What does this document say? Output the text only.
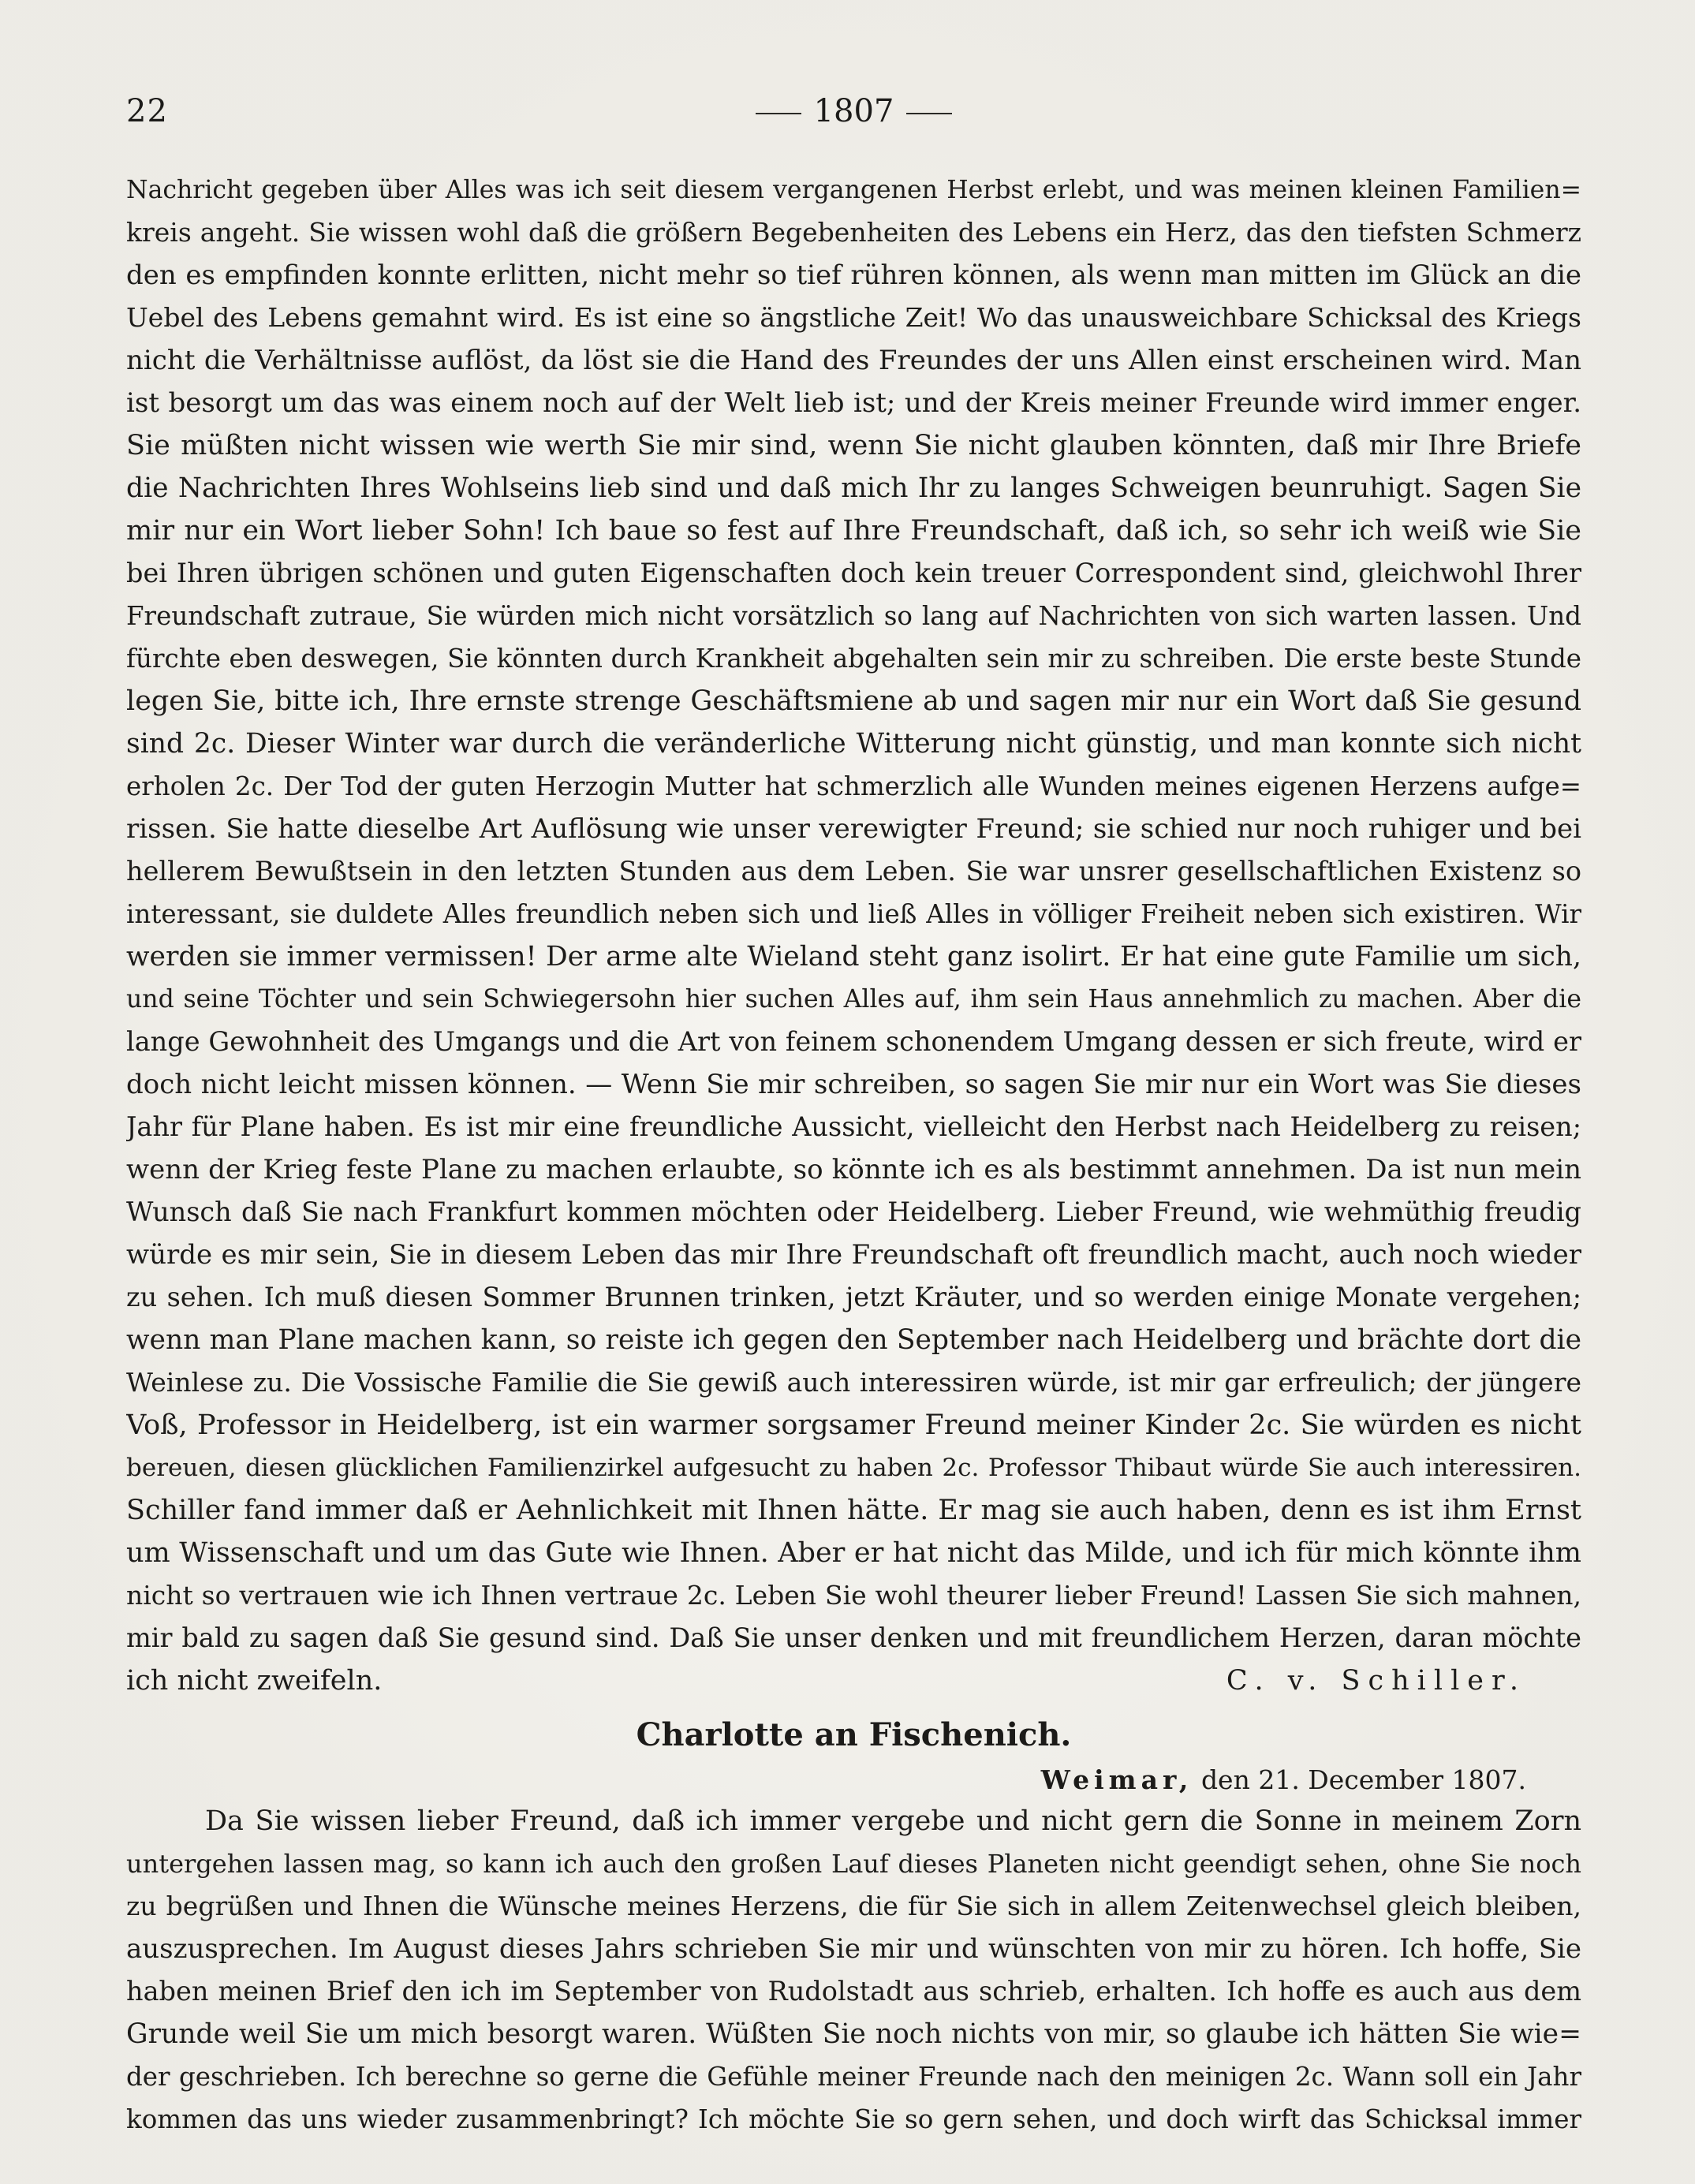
22	1807
Nachricht gegeben über Alles was ich seit diesem vergangenen Herbst erlebt, und was meinen kleinen Familien=
kreis angeht. Sie wissen wohl daß die größern Begebenheiten des Lebens ein Herz, das den tiefsten Schmerz
den es empfinden konnte erlitten, nicht mehr so tief rühren können, als wenn man mitten im Glück an die
Uebel des Lebens gemahnt wird. Es ist eine so ängstliche Zeit! Wo das unausweichbare Schicksal des Kriegs
nicht die Verhältnisse auflöst, da löst sie die Hand des Freundes der uns Allen einst erscheinen wird. Man
ist besorgt um das was einem noch auf der Welt lieb ist; und der Kreis meiner Freunde wird immer enger.
Sie müßten nicht wissen wie werth Sie mir sind, wenn Sie nicht glauben könnten, daß mir Ihre Briefe
die Nachrichten Ihres Wohlseins lieb sind und daß mich Ihr zu langes Schweigen beunruhigt. Sagen Sie
mir nur ein Wort lieber Sohn! Ich baue so fest auf Ihre Freundschaft, daß ich, so sehr ich weiß wie Sie
bei Ihren übrigen schönen und guten Eigenschaften doch kein treuer Correspondent sind, gleichwohl Ihrer
Freundschaft zutraue, Sie würden mich nicht vorsätzlich so lang auf Nachrichten von sich warten lassen. Und
fürchte eben deswegen, Sie könnten durch Krankheit abgehalten sein mir zu schreiben. Die erste beste Stunde
legen Sie, bitte ich, Ihre ernste strenge Geschäftsmiene ab und sagen mir nur ein Wort daß Sie gesund
sind 2c. Dieser Winter war durch die veränderliche Witterung nicht günstig, und man konnte sich nicht
erholen 2c. Der Tod der guten Herzogin Mutter hat schmerzlich alle Wunden meines eigenen Herzens aufge=
rissen. Sie hatte dieselbe Art Auflösung wie unser verewigter Freund; sie schied nur noch ruhiger und bei
hellerem Bewußtsein in den letzten Stunden aus dem Leben. Sie war unsrer gesellschaftlichen Existenz so
interessant, sie duldete Alles freundlich neben sich und ließ Alles in völliger Freiheit neben sich existiren. Wir
werden sie immer vermissen! Der arme alte Wieland steht ganz isolirt. Er hat eine gute Familie um sich,
und seine Töchter und sein Schwiegersohn hier suchen Alles auf, ihm sein Haus annehmlich zu machen. Aber die
lange Gewohnheit des Umgangs und die Art von feinem schonendem Umgang dessen er sich freute, wird er
doch nicht leicht missen können. — Wenn Sie mir schreiben, so sagen Sie mir nur ein Wort was Sie dieses
Jahr für Plane haben. Es ist mir eine freundliche Aussicht, vielleicht den Herbst nach Heidelberg zu reisen;
wenn der Krieg feste Plane zu machen erlaubte, so könnte ich es als bestimmt annehmen. Da ist nun mein
Wunsch daß Sie nach Frankfurt kommen möchten oder Heidelberg. Lieber Freund, wie wehmüthig freudig
würde es mir sein, Sie in diesem Leben das mir Ihre Freundschaft oft freundlich macht, auch noch wieder
zu sehen. Ich muß diesen Sommer Brunnen trinken, jetzt Kräuter, und so werden einige Monate vergehen;
wenn man Plane machen kann, so reiste ich gegen den September nach Heidelberg und brächte dort die
Weinlese zu. Die Vossische Familie die Sie gewiß auch interessiren würde, ist mir gar erfreulich; der jüngere
Voß, Professor in Heidelberg, ist ein warmer sorgsamer Freund meiner Kinder 2c. Sie würden es nicht
bereuen, diesen glücklichen Familienzirkel aufgesucht zu haben 2c. Professor Thibaut würde Sie auch interessiren.
Schiller fand immer daß er Aehnlichkeit mit Ihnen hätte. Er mag sie auch haben, denn es ist ihm Ernst
um Wissenschaft und um das Gute wie Ihnen. Aber er hat nicht das Milde, und ich für mich könnte ihm
nicht so vertrauen wie ich Ihnen vertraue 2c. Leben Sie wohl theurer lieber Freund! Lassen Sie sich mahnen,
mir bald zu sagen daß Sie gesund sind. Daß Sie unser denken und mit freundlichem Herzen, daran möchte
ich nicht zweifeln.	C. v. Schiller.
Charlotte an Fischenich.
Weimar, den 21. December 1807.
Da Sie wissen lieber Freund, daß ich immer vergebe und nicht gern die Sonne in meinem Zorn
untergehen lassen mag, so kann ich auch den großen Lauf dieses Planeten nicht geendigt sehen, ohne Sie noch
zu begrüßen und Ihnen die Wünsche meines Herzens, die für Sie sich in allem Zeitenwechsel gleich bleiben,
auszusprechen. Im August dieses Jahrs schrieben Sie mir und wünschten von mir zu hören. Ich hoffe, Sie
haben meinen Brief den ich im September von Rudolstadt aus schrieb, erhalten. Ich hoffe es auch aus dem
Grunde weil Sie um mich besorgt waren. Wüßten Sie noch nichts von mir, so glaube ich hätten Sie wie=
der geschrieben. Ich berechne so gerne die Gefühle meiner Freunde nach den meinigen 2c. Wann soll ein Jahr
kommen das uns wieder zusammenbringt? Ich möchte Sie so gern sehen, und doch wirft das Schicksal immer
